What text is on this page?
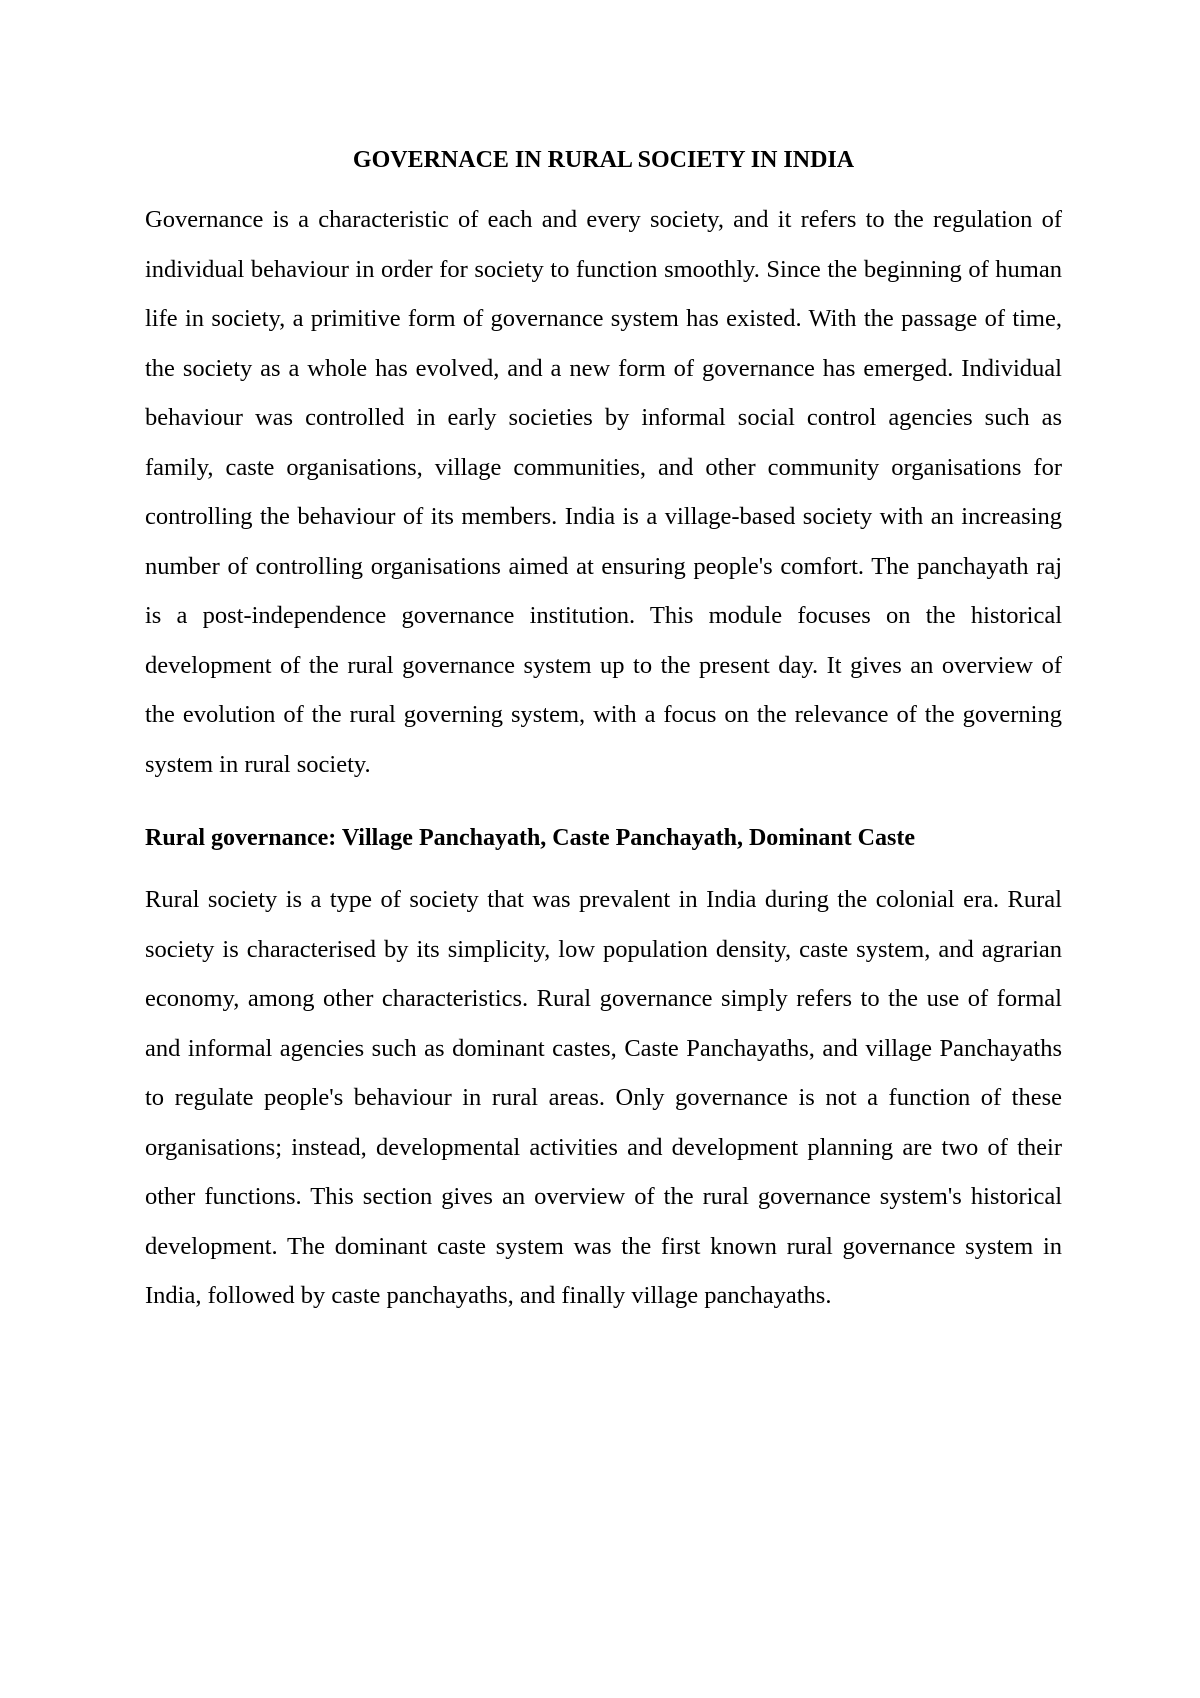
GOVERNACE IN RURAL SOCIETY IN INDIA

Governance is a characteristic of each and every society, and it refers to the regulation of individual behaviour in order for society to function smoothly. Since the beginning of human life in society, a primitive form of governance system has existed. With the passage of time, the society as a whole has evolved, and a new form of governance has emerged. Individual behaviour was controlled in early societies by informal social control agencies such as family, caste organisations, village communities, and other community organisations for controlling the behaviour of its members. India is a village-based society with an increasing number of controlling organisations aimed at ensuring people's comfort. The panchayath raj is a post-independence governance institution. This module focuses on the historical development of the rural governance system up to the present day. It gives an overview of the evolution of the rural governing system, with a focus on the relevance of the governing system in rural society.

Rural governance: Village Panchayath, Caste Panchayath, Dominant Caste

Rural society is a type of society that was prevalent in India during the colonial era. Rural society is characterised by its simplicity, low population density, caste system, and agrarian economy, among other characteristics. Rural governance simply refers to the use of formal and informal agencies such as dominant castes, Caste Panchayaths, and village Panchayaths to regulate people's behaviour in rural areas. Only governance is not a function of these organisations; instead, developmental activities and development planning are two of their other functions. This section gives an overview of the rural governance system's historical development. The dominant caste system was the first known rural governance system in India, followed by caste panchayaths, and finally village panchayaths.
